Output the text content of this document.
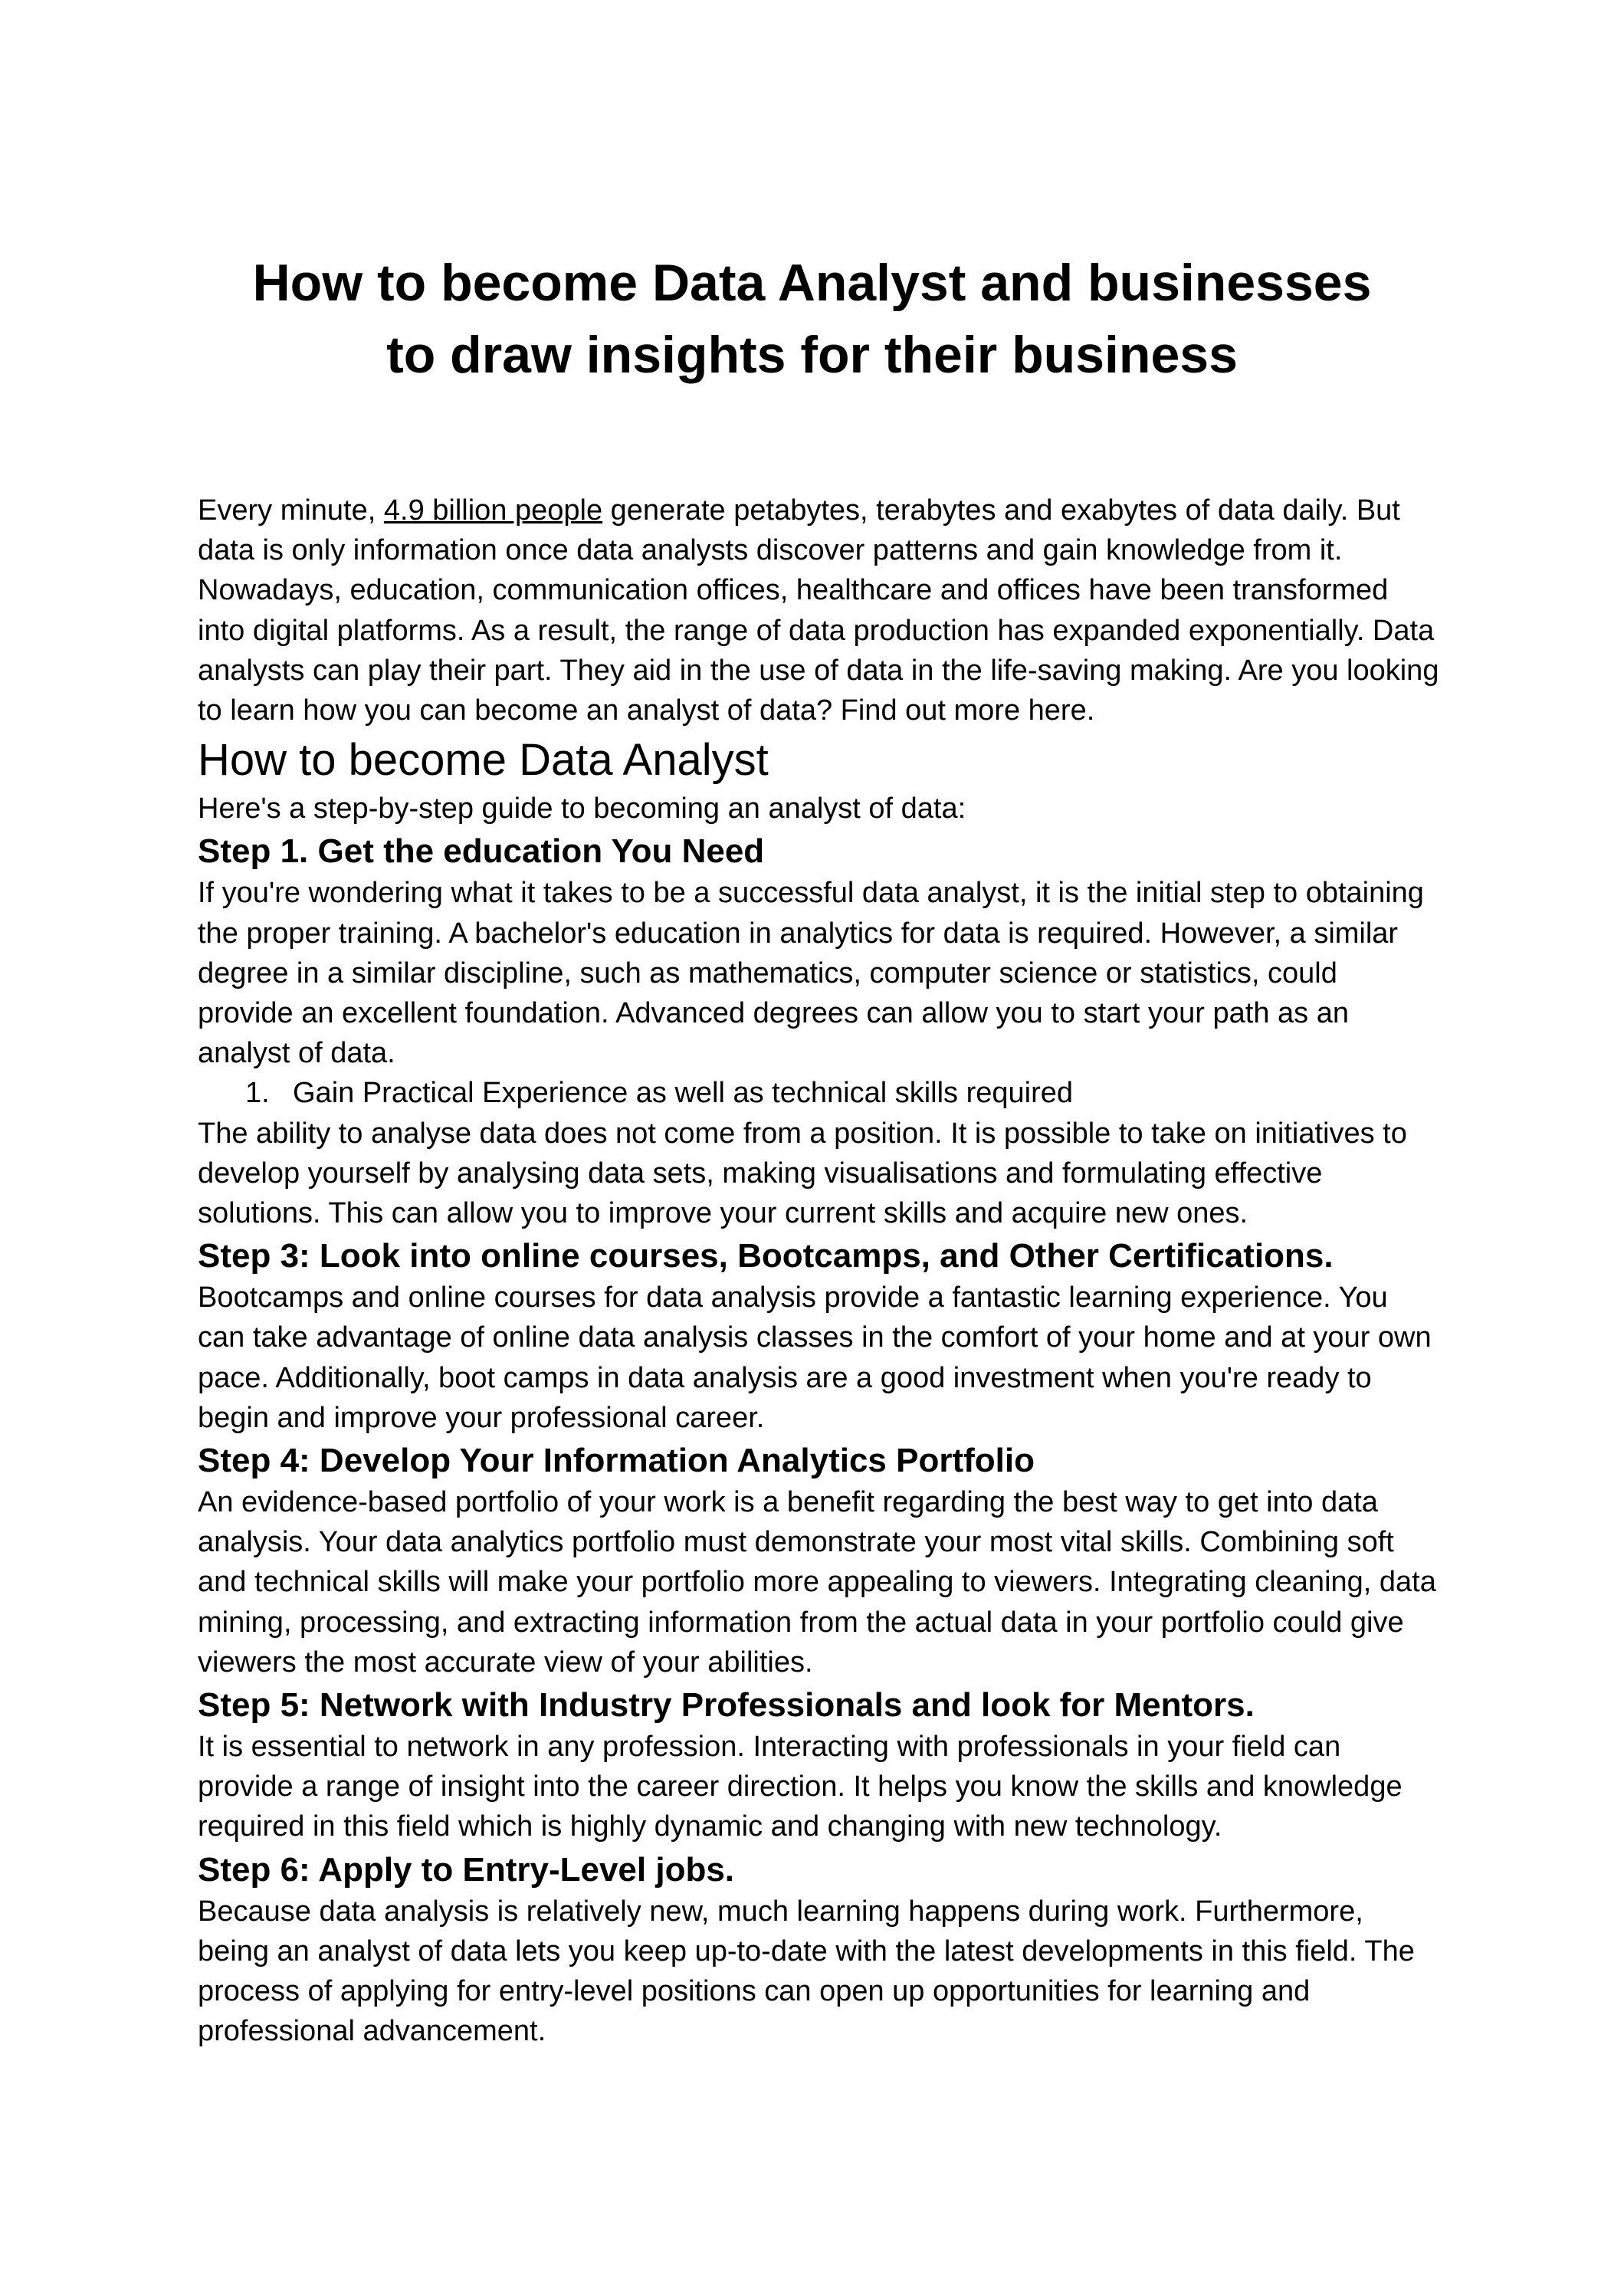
How to become Data Analyst and businesses
to draw insights for their business

Every minute, 4.9 billion people generate petabytes, terabytes and exabytes of data daily. But data is only information once data analysts discover patterns and gain knowledge from it. Nowadays, education, communication offices, healthcare and offices have been transformed into digital platforms. As a result, the range of data production has expanded exponentially. Data analysts can play their part. They aid in the use of data in the life-saving making. Are you looking to learn how you can become an analyst of data? Find out more here.

How to become Data Analyst

Here's a step-by-step guide to becoming an analyst of data:

Step 1. Get the education You Need

If you're wondering what it takes to be a successful data analyst, it is the initial step to obtaining the proper training. A bachelor's education in analytics for data is required. However, a similar degree in a similar discipline, such as mathematics, computer science or statistics, could provide an excellent foundation. Advanced degrees can allow you to start your path as an analyst of data.

1. Gain Practical Experience as well as technical skills required

The ability to analyse data does not come from a position. It is possible to take on initiatives to develop yourself by analysing data sets, making visualisations and formulating effective solutions. This can allow you to improve your current skills and acquire new ones.

Step 3: Look into online courses, Bootcamps, and Other Certifications.

Bootcamps and online courses for data analysis provide a fantastic learning experience. You can take advantage of online data analysis classes in the comfort of your home and at your own pace. Additionally, boot camps in data analysis are a good investment when you're ready to begin and improve your professional career.

Step 4: Develop Your Information Analytics Portfolio

An evidence-based portfolio of your work is a benefit regarding the best way to get into data analysis. Your data analytics portfolio must demonstrate your most vital skills. Combining soft and technical skills will make your portfolio more appealing to viewers. Integrating cleaning, data mining, processing, and extracting information from the actual data in your portfolio could give viewers the most accurate view of your abilities.

Step 5: Network with Industry Professionals and look for Mentors.

It is essential to network in any profession. Interacting with professionals in your field can provide a range of insight into the career direction. It helps you know the skills and knowledge required in this field which is highly dynamic and changing with new technology.

Step 6: Apply to Entry-Level jobs.

Because data analysis is relatively new, much learning happens during work. Furthermore, being an analyst of data lets you keep up-to-date with the latest developments in this field. The process of applying for entry-level positions can open up opportunities for learning and professional advancement.
